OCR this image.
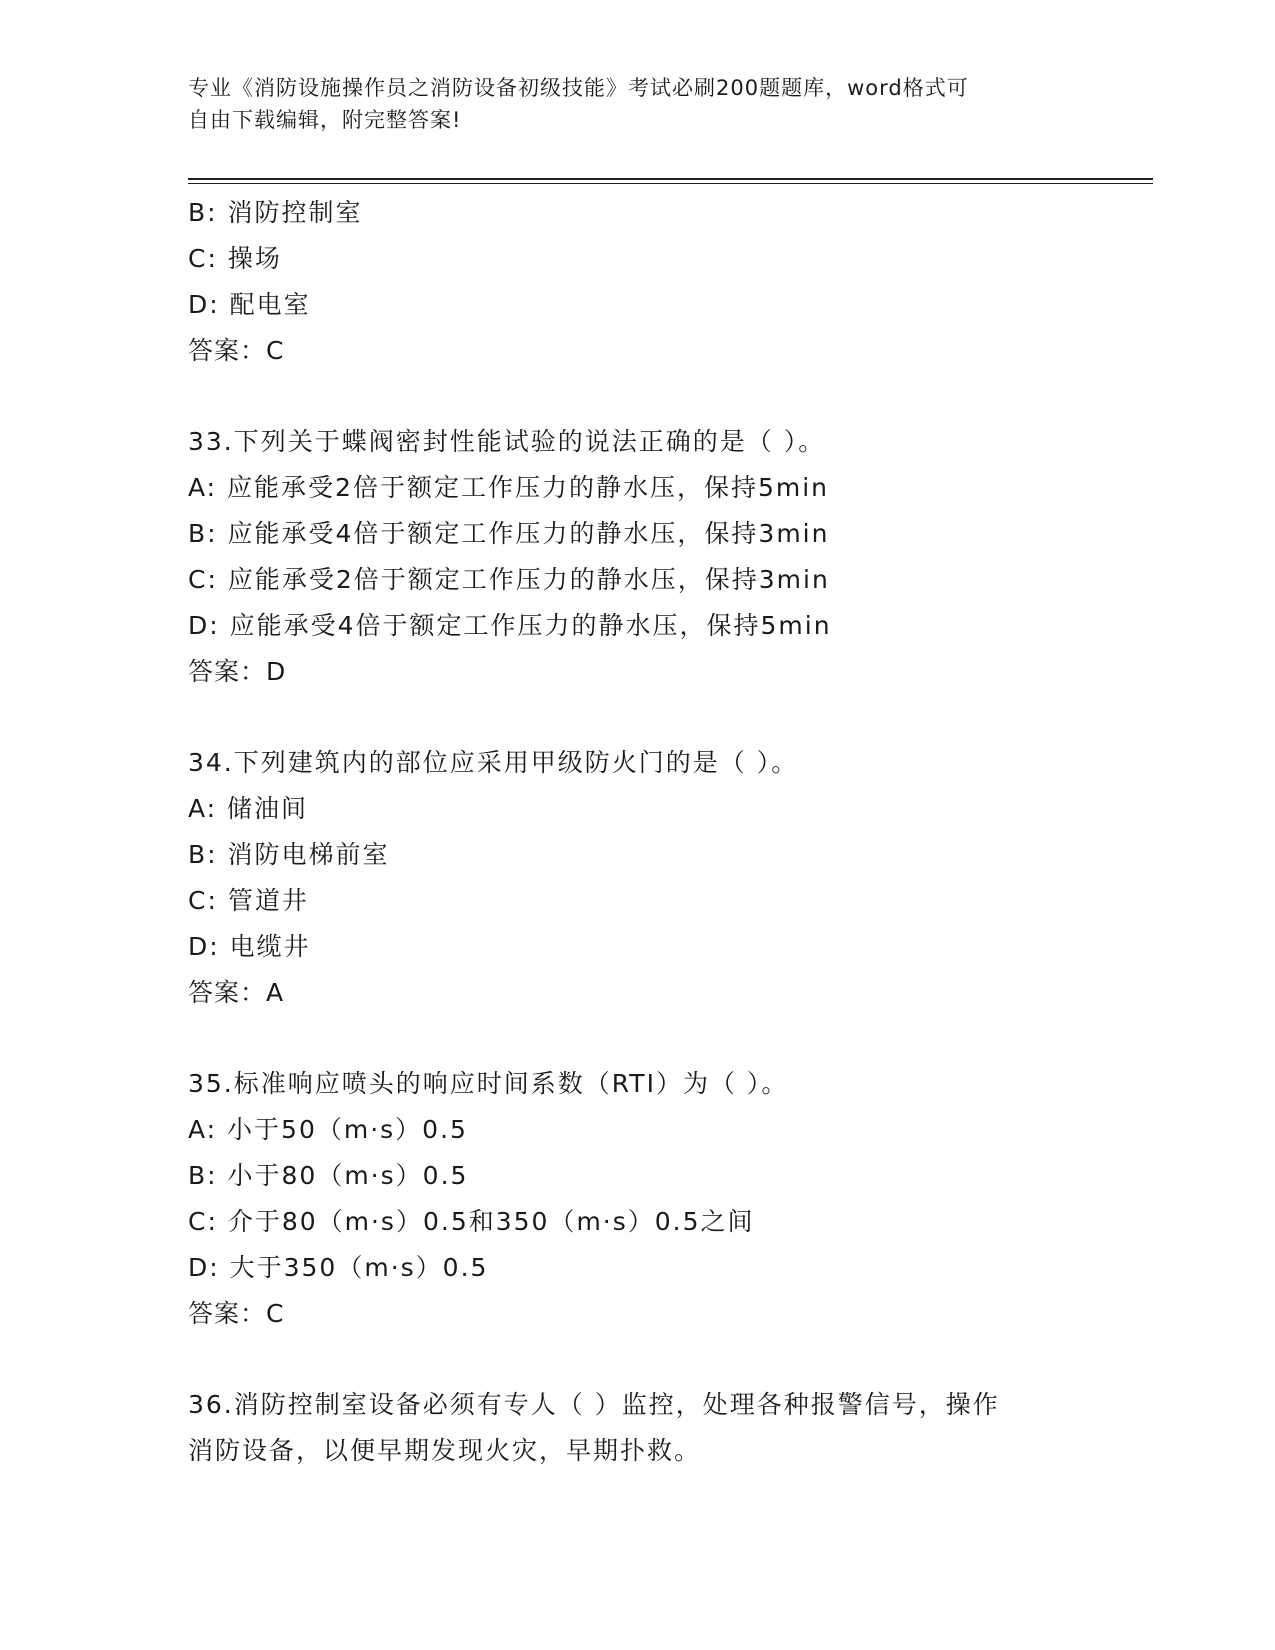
专业《消防设施操作员之消防设备初级技能》考试必刷200题题库，word格式可
自由下载编辑，附完整答案!
B: 消防控制室
C: 操场
D: 配电室
答案：C
33.下列关于蝶阀密封性能试验的说法正确的是（ ）。
A: 应能承受2倍于额定工作压力的静水压，保持5min
B: 应能承受4倍于额定工作压力的静水压，保持3min
C: 应能承受2倍于额定工作压力的静水压，保持3min
D: 应能承受4倍于额定工作压力的静水压，保持5min
答案：D
34.下列建筑内的部位应采用甲级防火门的是（ ）。
A: 储油间
B: 消防电梯前室
C: 管道井
D: 电缆井
答案：A
35.标准响应喷头的响应时间系数（RTI）为（ ）。
A: 小于50（m·s）0.5
B: 小于80（m·s）0.5
C: 介于80（m·s）0.5和350（m·s）0.5之间
D: 大于350（m·s）0.5
答案：C
36.消防控制室设备必须有专人（ ）监控，处理各种报警信号，操作
消防设备，以便早期发现火灾，早期扑救。
